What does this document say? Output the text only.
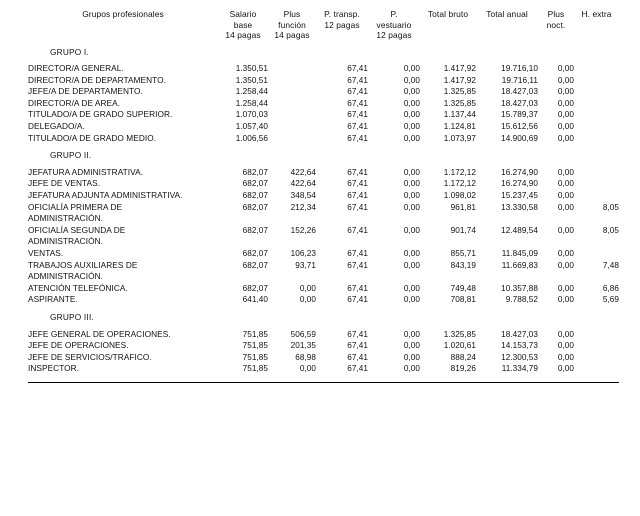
Grupos profesionales	Salario
base
14 pagas	Plus
función
14 pagas	P. transp.
12 pagas	P.
vestuario
12 pagas	Total bruto	Total anual	Plus
noct.	H. extra

GRUPO I.								

DIRECTOR/A GENERAL.	1.350,51		67,41	0,00	1.417,92	19.716,10	0,00	
DIRECTOR/A DE DEPARTAMENTO.	1.350,51		67,41	0,00	1.417,92	19.716,11	0,00	
JEFE/A DE DEPARTAMENTO.	1.258,44		67,41	0,00	1.325,85	18.427,03	0,00	
DIRECTOR/A DE AREA.	1.258,44		67,41	0,00	1.325,85	18.427,03	0,00	
TITULADO/A DE GRADO SUPERIOR.	1.070,03		67,41	0,00	1.137,44	15.789,37	0,00	
DELEGADO/A.	1.057,40		67,41	0,00	1.124,81	15.612,56	0,00	
TITULADO/A DE GRADO MEDIO.	1.006,56		67,41	0,00	1.073,97	14.900,69	0,00	

GRUPO II.								

JEFATURA ADMINISTRATIVA.	682,07	422,64	67,41	0,00	1.172,12	16.274,90	0,00	
JEFE DE VENTAS.	682,07	422,64	67,41	0,00	1.172,12	16.274,90	0,00	
JEFATURA ADJUNTA ADMINISTRATIVA.	682,07	348,54	67,41	0,00	1.098,02	15.237,45	0,00	
OFICIALÍA PRIMERA DE	682,07	212,34	67,41	0,00	961,81	13.330,58	0,00	8,05
ADMINISTRACIÓN.								
OFICIALÍA SEGUNDA DE	682,07	152,26	67,41	0,00	901,74	12.489,54	0,00	8,05
ADMINISTRACIÓN.								
VENTAS.	682,07	106,23	67,41	0,00	855,71	11.845,09	0,00	
TRABAJOS AUXILIARES DE	682,07	93,71	67,41	0,00	843,19	11.669,83	0,00	7,48
ADMINISTRACIÓN.								
ATENCIÓN TELEFÓNICA.	682,07	0,00	67,41	0,00	749,48	10.357,88	0,00	6,86
ASPIRANTE.	641,40	0,00	67,41	0,00	708,81	9.788,52	0,00	5,69

GRUPO III.								

JEFE GENERAL DE OPERACIONES.	751,85	506,59	67,41	0,00	1.325,85	18.427,03	0,00	
JEFE DE OPERACIONES.	751,85	201,35	67,41	0,00	1.020,61	14.153,73	0,00	
JEFE DE SERVICIOS/TRAFICO.	751,85	68,98	67,41	0,00	888,24	12.300,53	0,00	
INSPECTOR.	751,85	0,00	67,41	0,00	819,26	11.334,79	0,00	
